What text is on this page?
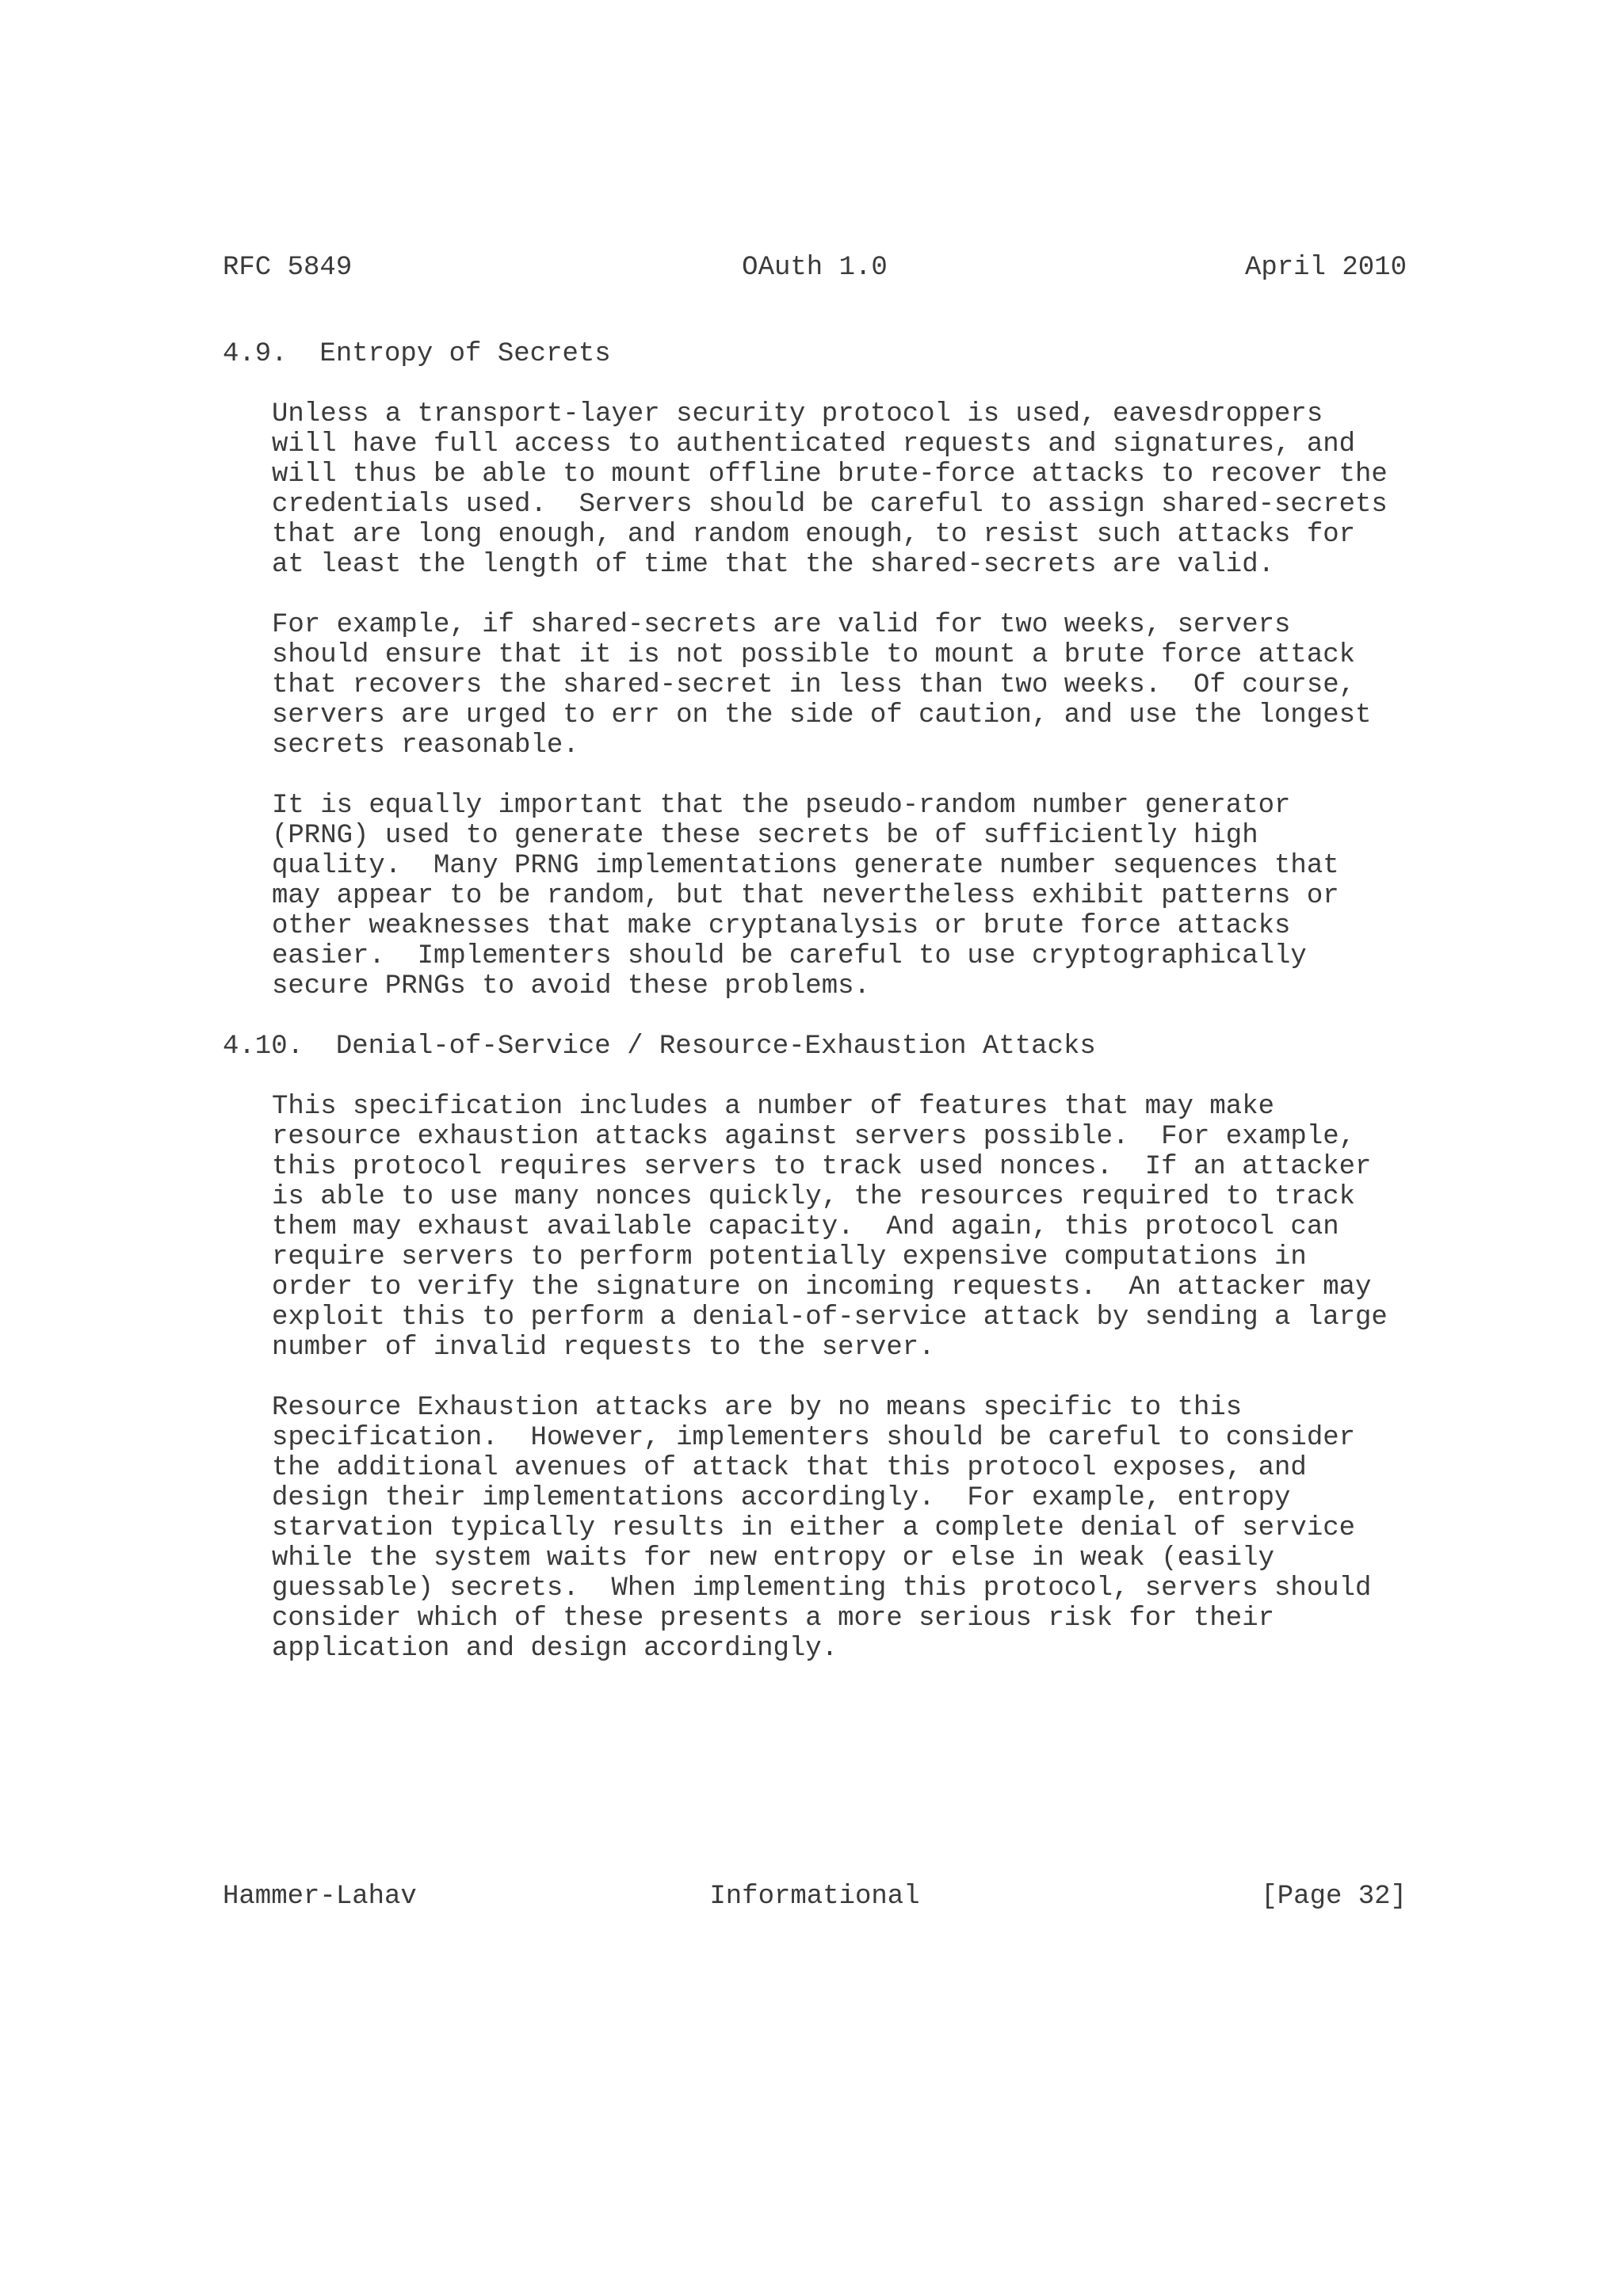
RFC 5849

	OAuth 1.0

	April 2010

4.9.  Entropy of Secrets
Unless a transport-layer security protocol is used, eavesdroppers
will have full access to authenticated requests and signatures, and
will thus be able to mount offline brute-force attacks to recover the
credentials used.  Servers should be careful to assign shared-secrets
that are long enough, and random enough, to resist such attacks for
at least the length of time that the shared-secrets are valid.
For example, if shared-secrets are valid for two weeks, servers
should ensure that it is not possible to mount a brute force attack
that recovers the shared-secret in less than two weeks.  Of course,
servers are urged to err on the side of caution, and use the longest
secrets reasonable.
It is equally important that the pseudo-random number generator
(PRNG) used to generate these secrets be of sufficiently high
quality.  Many PRNG implementations generate number sequences that
may appear to be random, but that nevertheless exhibit patterns or
other weaknesses that make cryptanalysis or brute force attacks
easier.  Implementers should be careful to use cryptographically
secure PRNGs to avoid these problems.
4.10.  Denial-of-Service / Resource-Exhaustion Attacks
This specification includes a number of features that may make
resource exhaustion attacks against servers possible.  For example,
this protocol requires servers to track used nonces.  If an attacker
is able to use many nonces quickly, the resources required to track
them may exhaust available capacity.  And again, this protocol can
require servers to perform potentially expensive computations in
order to verify the signature on incoming requests.  An attacker may
exploit this to perform a denial-of-service attack by sending a large
number of invalid requests to the server.
Resource Exhaustion attacks are by no means specific to this
specification.  However, implementers should be careful to consider
the additional avenues of attack that this protocol exposes, and
design their implementations accordingly.  For example, entropy
starvation typically results in either a complete denial of service
while the system waits for new entropy or else in weak (easily
guessable) secrets.  When implementing this protocol, servers should
consider which of these presents a more serious risk for their
application and design accordingly.

Hammer-Lahav

	Informational

	[Page 32]
